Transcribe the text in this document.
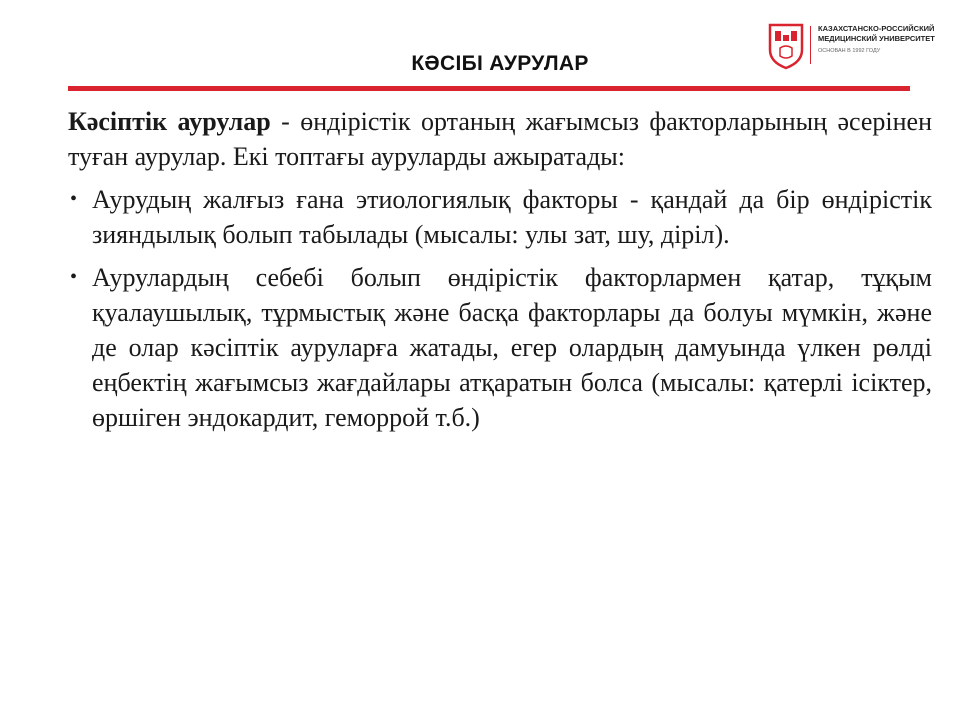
КӘСІБІ АУРУЛАР
КАЗАХСТАНСКО-РОССИЙСКИЙ
МЕДИЦИНСКИЙ УНИВЕРСИТЕТ
ОСНОВАН В 1992 ГОДУ

Кәсіптік аурулар - өндірістік ортаның жағымсыз факторларының әсерінен туған аурулар. Екі топтағы ауруларды ажыратады:

• Аурудың жалғыз ғана этиологиялық факторы - қандай да бір өндірістік зияндылық болып табылады (мысалы: улы зат, шу, діріл).
• Аурулардың себебі болып өндірістік факторлармен қатар, тұқым қуалаушылық, тұрмыстық және басқа факторлары да болуы мүмкін, және де олар кәсіптік ауруларға жатады, егер олардың дамуында үлкен рөлді еңбектің жағымсыз жағдайлары атқаратын болса (мысалы: қатерлі ісіктер, өршіген эндокардит, геморрой т.б.)
